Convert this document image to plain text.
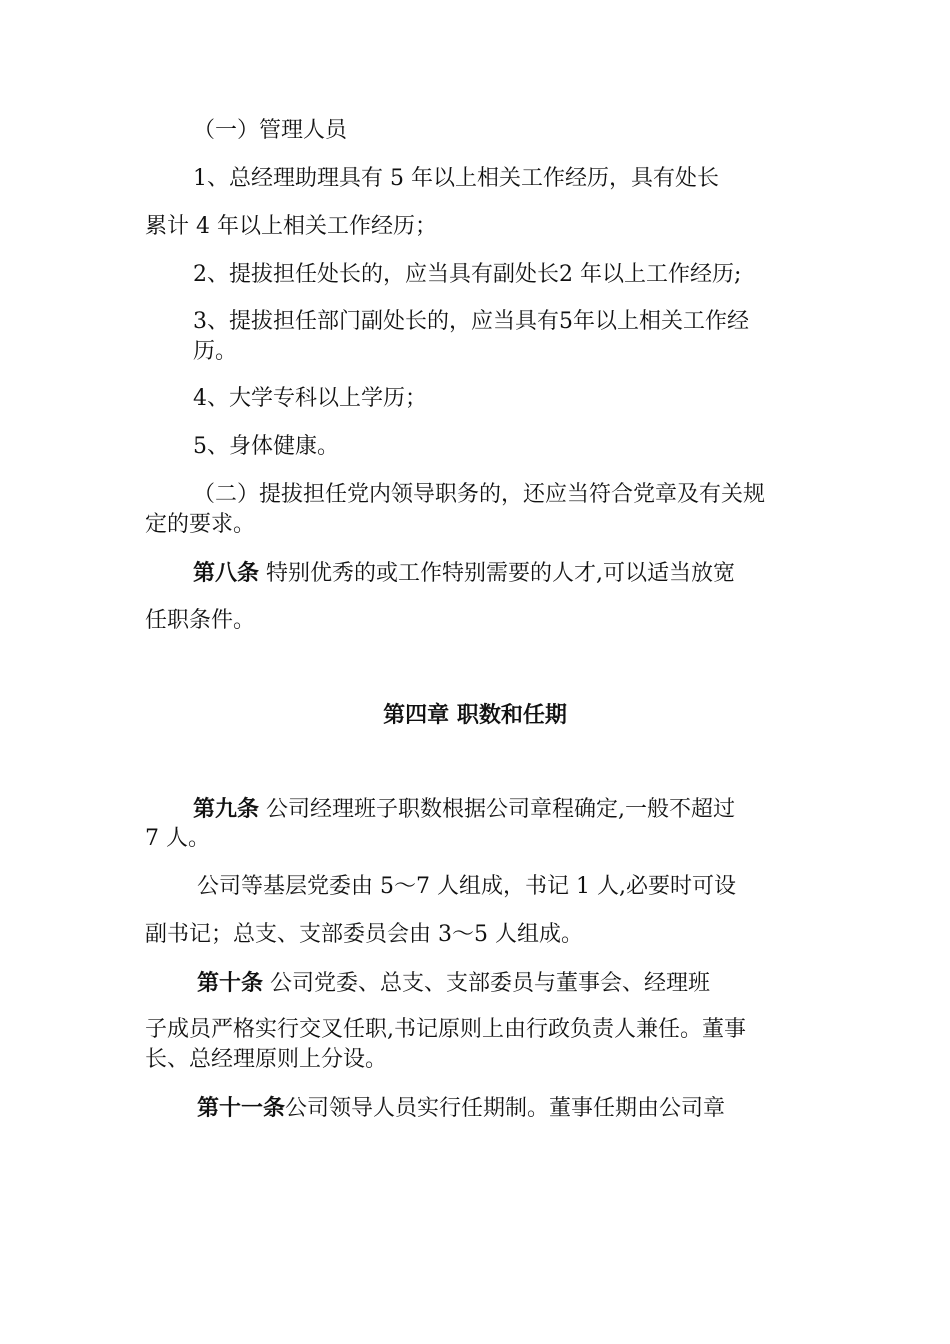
（一）管理人员
1、总经理助理具有 5 年以上相关工作经历，具有处长
累计 4 年以上相关工作经历；
2、提拔担任处长的，应当具有副处长2 年以上工作经历;
3、提拔担任部门副处长的，应当具有5年以上相关工作经
历。
4、大学专科以上学历；
5、身体健康。
（二）提拔担任党内领导职务的，还应当符合党章及有关规
定的要求。
第八条 特别优秀的或工作特别需要的人才,可以适当放宽
任职条件。
第四章 职数和任期
第九条 公司经理班子职数根据公司章程确定,一般不超过
7 人。
公司等基层党委由 5～7 人组成，书记 1 人,必要时可设
副书记；总支、支部委员会由 3～5 人组成。
第十条 公司党委、总支、支部委员与董事会、经理班
子成员严格实行交叉任职,书记原则上由行政负责人兼任。董事
长、总经理原则上分设。
第十一条公司领导人员实行任期制。董事任期由公司章
